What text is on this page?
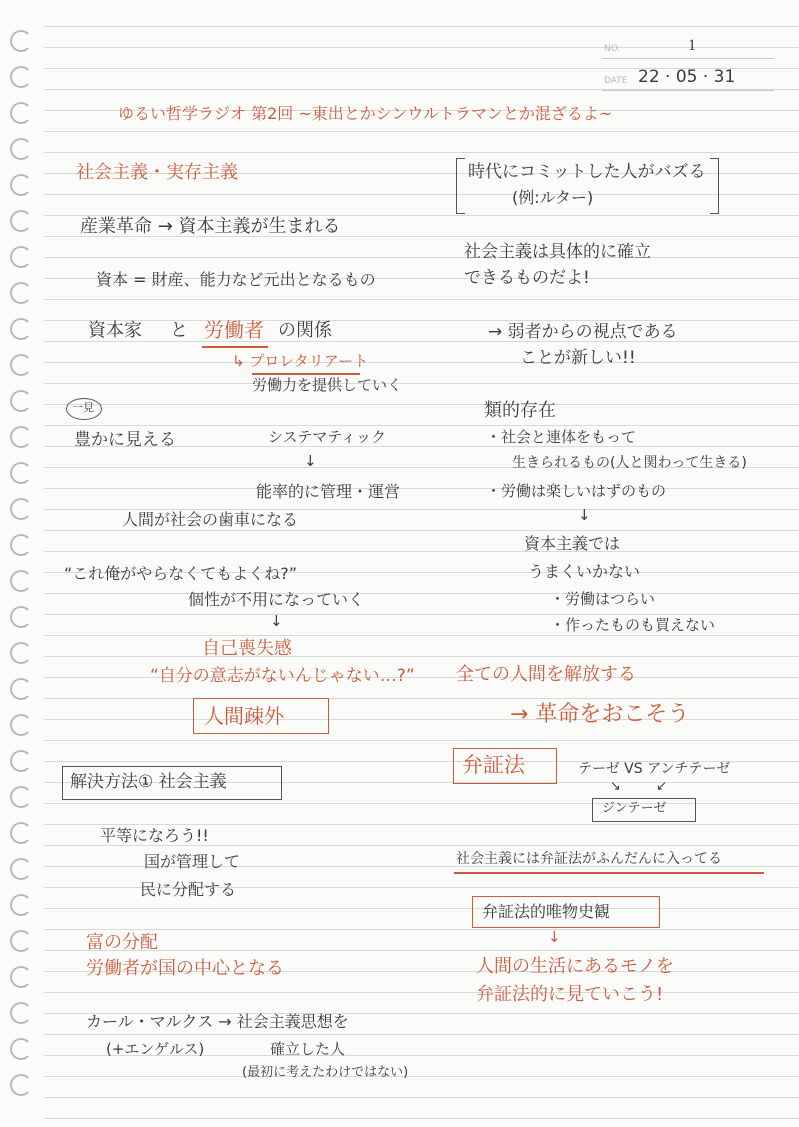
NO.	1
DATE 22 · 05 · 31
ゆるい哲学ラジオ 第2回 ~東出とかシンウルトラマンとか混ざるよ~
社会主義・実存主義
産業革命 → 資本主義が生まれる
資本 = 財産、能力など元出となるもの
資本家 と 労働者 の関係
↳ プロレタリアート
労働力を提供していく
一見
豊かに見える	システマティック
↓
能率的に管理・運営
人間が社会の歯車になる
“これ俺がやらなくてもよくね?”
個性が不用になっていく
↓
自己喪失感
“自分の意志がないんじゃない…?”
人間疎外
解決方法① 社会主義
平等になろう!!
国が管理して
民に分配する
富の分配
労働者が国の中心となる
カール・マルクス → 社会主義思想を
(+エンゲルス)	確立した人
(最初に考えたわけではない)
時代にコミットした人がバズる
(例:ルター)
社会主義は具体的に確立
できるものだよ!
→ 弱者からの視点である
ことが新しい!!
類的存在
・社会と連体をもって
生きられるもの(人と関わって生きる)
・労働は楽しいはずのもの
↓
資本主義では
うまくいかない
・労働はつらい
・作ったものも買えない
全ての人間を解放する
→ 革命をおこそう
弁証法	テーゼ VS アンチテーゼ
↘	↙
ジンテーゼ
社会主義には弁証法がふんだんに入ってる
弁証法的唯物史観
↓
人間の生活にあるモノを
弁証法的に見ていこう!
